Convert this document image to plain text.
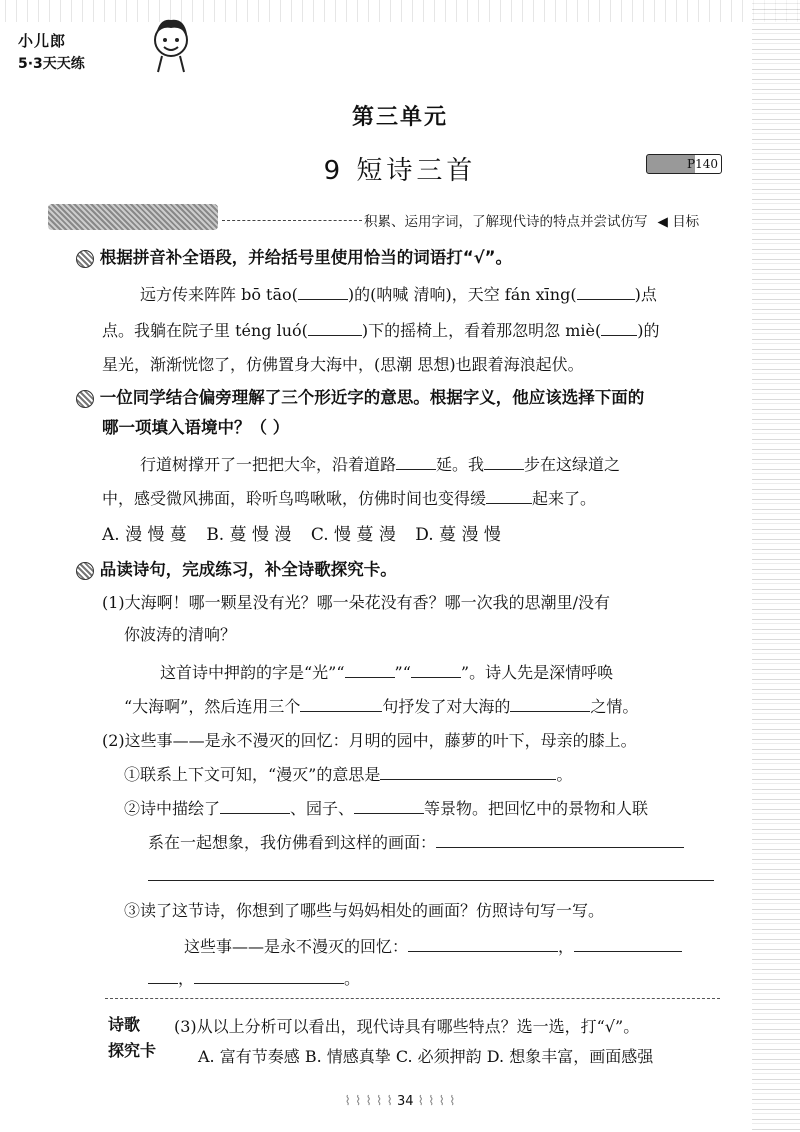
小儿郎
5·3天天练
第三单元
9 短诗三首	P140
积累、运用字词，了解现代诗的特点并尝试仿写 ◀ 目标
根据拼音补全语段，并给括号里使用恰当的词语打“√”。
远方传来阵阵 bō tāo(	)的(呐喊 清响)，天空 fán xīng(	)点
点。我躺在院子里 téng luó(	)下的摇椅上，看着那忽明忽 miè( )的
星光，渐渐恍惚了，仿佛置身大海中，(思潮 思想)也跟着海浪起伏。
一位同学结合偏旁理解了三个形近字的意思。根据字义，他应该选择下面的
哪一项填入语境中？（ ）
行道树撑开了一把把大伞，沿着道路	延。我	步在这绿道之
中，感受微风拂面，聆听鸟鸣啾啾，仿佛时间也变得缓	起来了。
A. 漫 慢 蔓 B. 蔓 慢 漫 C. 慢 蔓 漫 D. 蔓 漫 慢
品读诗句，完成练习，补全诗歌探究卡。
(1)大海啊！哪一颗星没有光？哪一朵花没有香？哪一次我的思潮里/没有
你波涛的清响？
这首诗中押韵的字是“光”“	”“	”。诗人先是深情呼唤
“大海啊”，然后连用三个	句抒发了对大海的	之情。
(2)这些事——是永不漫灭的回忆：月明的园中，藤萝的叶下，母亲的膝上。
①联系上下文可知，“漫灭”的意思是	。
②诗中描绘了	、园子、	等景物。把回忆中的景物和人联
系在一起想象，我仿佛看到这样的画面：
③读了这节诗，你想到了哪些与妈妈相处的画面？仿照诗句写一写。
这些事——是永不漫灭的回忆：	，
，	。
诗歌
探究卡
(3)从以上分析可以看出，现代诗具有哪些特点？选一选，打“√”。
A. 富有节奏感 B. 情感真挚 C. 必须押韵 D. 想象丰富，画面感强
⌇ ⌇ ⌇ ⌇ ⌇ 34 ⌇ ⌇ ⌇ ⌇
